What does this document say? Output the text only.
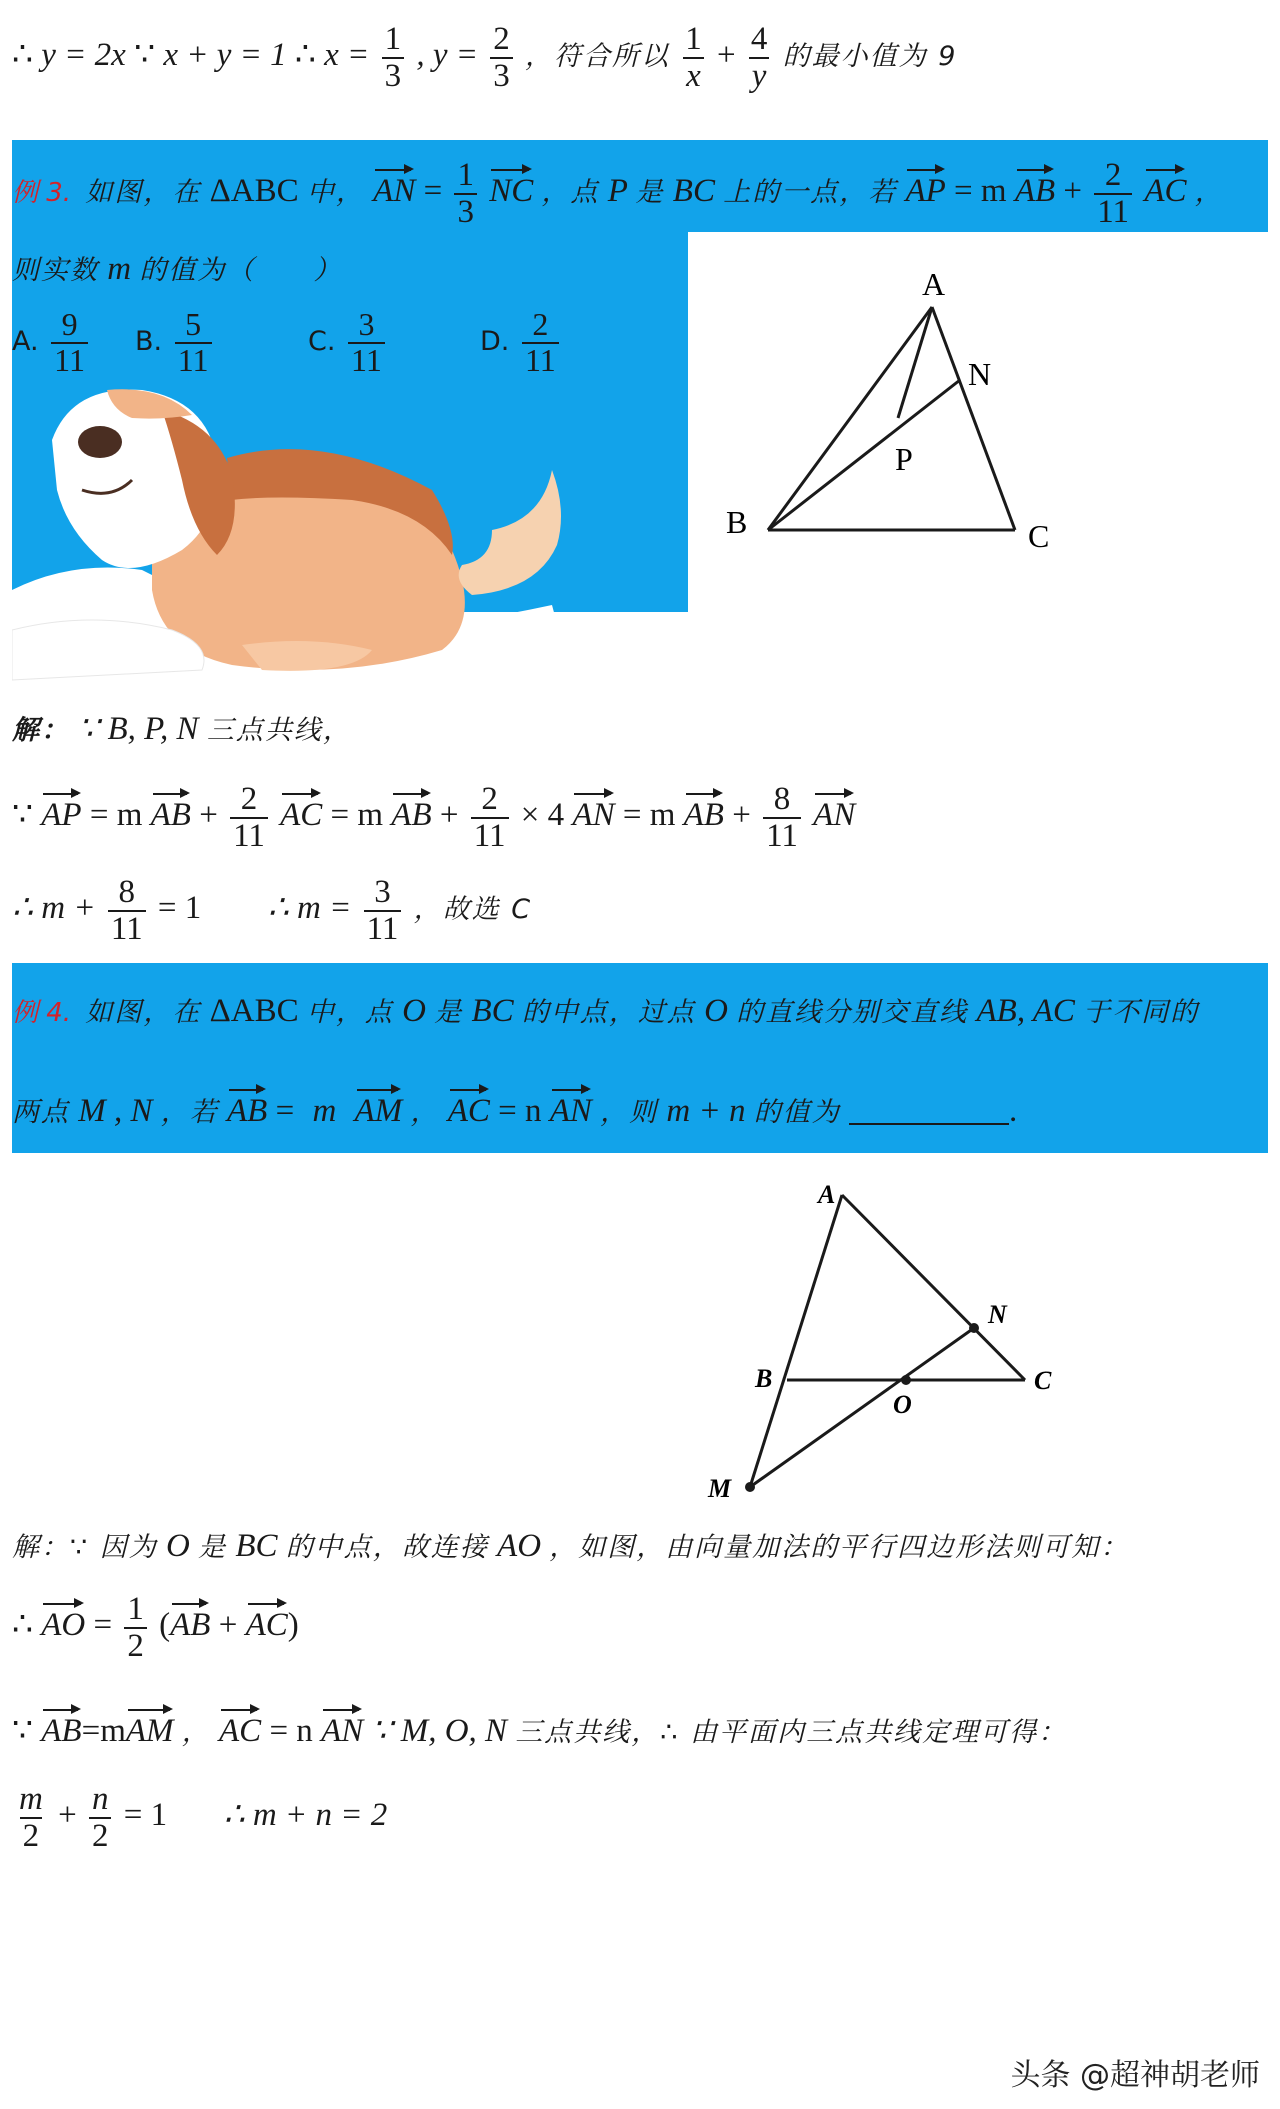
∴ y = 2x ∵ x + y = 1 ∴ $x = \frac{1}{3}$ , $y = \frac{2}{3}$ ，符合所以 $\frac{1}{x} + \frac{4}{y}$ 的最小值为 9
例 3. 如图，在 ΔABC 中， AN = $\frac{1}{3}$ NC ，点 P 是 BC 上的一点，若 AP = m AB + $\frac{2}{11}$ AC ，
则实数 m 的值为（　　）
A. $\frac{9}{11} B$. $\frac{5}{11}$	C. $\frac{3}{11}$	D. $\frac{2}{11}$
A
N
P
B	C
解： ∵ B, P, N 三点共线，
∵ AP = m AB + $\frac{2}{11}$ AC = m AB + $\frac{2}{11} \times 4$ AN = m AB + $\frac{8}{11}$ AN
∴ $m + \frac{8}{11} = 1$ ∴ $m = \frac{3}{11}$ ，故选 C
例 4. 如图，在 ΔABC 中，点 O 是 BC 的中点，过点 O 的直线分别交直线 AB, AC 于不同的
两点 M , N ，若 AB = m AM ， AC = n AN ，则 m + n 的值为	.
A
N
B
O
C
M
解：∵ 因为 O 是 BC 的中点，故连接 AO ，如图，由向量加法的平行四边形法则可知：
∴ AO = $\frac{1}{2} (AB + AC)$
∵ AB=mAM ， AC = n AN ∵ M, O, N 三点共线，∴ 由平面内三点共线定理可得：
$\frac{m}{2} + \frac{n}{2} = 1$ ∴ m + n = 2
头条 @超神胡老师
